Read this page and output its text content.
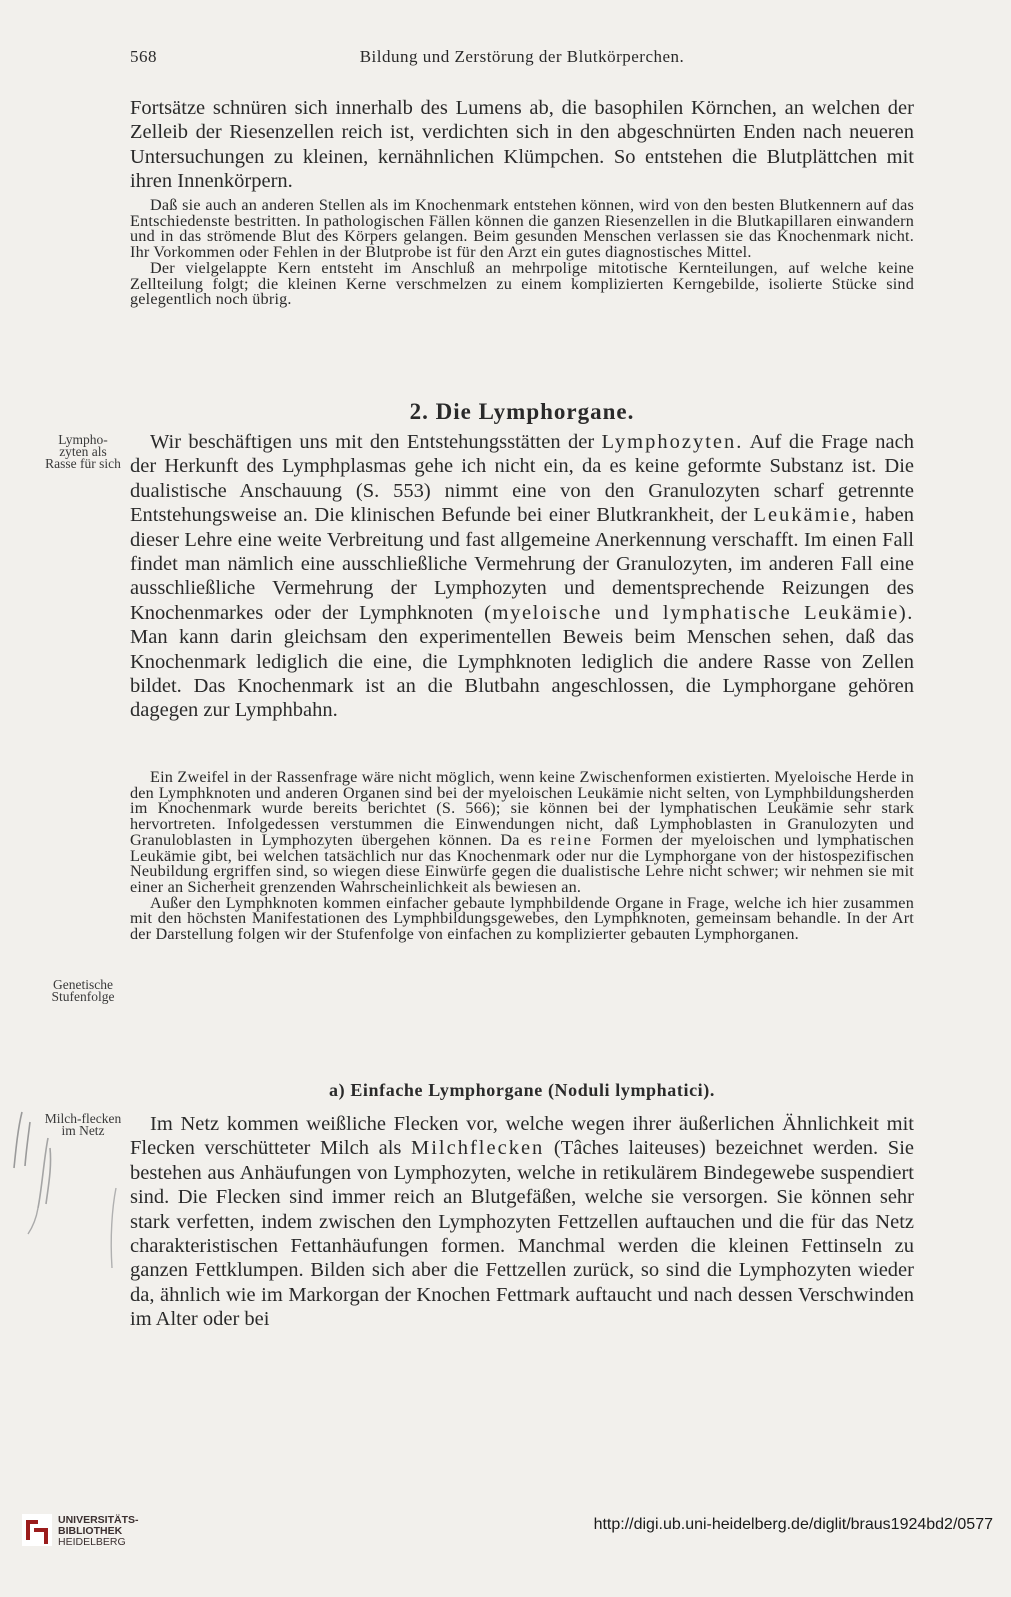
568	Bildung und Zerstörung der Blutkörperchen.

Fortsätze schnüren sich innerhalb des Lumens ab, die basophilen Körnchen, an welchen der Zelleib der Riesenzellen reich ist, verdichten sich in den abgeschnürten Enden nach neueren Untersuchungen zu kleinen, kernähnlichen Klümpchen. So entstehen die Blutplättchen mit ihren Innenkörpern.

Daß sie auch an anderen Stellen als im Knochenmark entstehen können, wird von den besten Blutkennern auf das Entschiedenste bestritten. In pathologischen Fällen können die ganzen Riesenzellen in die Blutkapillaren einwandern und in das strömende Blut des Körpers gelangen. Beim gesunden Menschen verlassen sie das Knochenmark nicht. Ihr Vorkommen oder Fehlen in der Blutprobe ist für den Arzt ein gutes diagnostisches Mittel.

Der vielgelappte Kern entsteht im Anschluß an mehrpolige mitotische Kernteilungen, auf welche keine Zellteilung folgt; die kleinen Kerne verschmelzen zu einem komplizierten Kerngebilde, isolierte Stücke sind gelegentlich noch übrig.

2. Die Lymphorgane.
Lympho-zyten als Rasse für sich

Wir beschäftigen uns mit den Entstehungsstätten der Lymphozyten. Auf die Frage nach der Herkunft des Lymphplasmas gehe ich nicht ein, da es keine geformte Substanz ist. Die dualistische Anschauung (S. 553) nimmt eine von den Granulozyten scharf getrennte Entstehungsweise an. Die klinischen Befunde bei einer Blutkrankheit, der Leukämie, haben dieser Lehre eine weite Verbreitung und fast allgemeine Anerkennung verschafft. Im einen Fall findet man nämlich eine ausschließliche Vermehrung der Granulozyten, im anderen Fall eine ausschließliche Vermehrung der Lymphozyten und dementsprechende Reizungen des Knochenmarkes oder der Lymphknoten (myeloische und lymphatische Leukämie). Man kann darin gleichsam den experimentellen Beweis beim Menschen sehen, daß das Knochenmark lediglich die eine, die Lymphknoten lediglich die andere Rasse von Zellen bildet. Das Knochenmark ist an die Blutbahn angeschlossen, die Lymphorgane gehören dagegen zur Lymphbahn.

Ein Zweifel in der Rassenfrage wäre nicht möglich, wenn keine Zwischenformen existierten. Myeloische Herde in den Lymphknoten und anderen Organen sind bei der myeloischen Leukämie nicht selten, von Lymphbildungsherden im Knochenmark wurde bereits berichtet (S. 566); sie können bei der lymphatischen Leukämie sehr stark hervortreten. Infolgedessen verstummen die Einwendungen nicht, daß Lymphoblasten in Granulozyten und Granuloblasten in Lymphozyten übergehen können. Da es reine Formen der myeloischen und lymphatischen Leukämie gibt, bei welchen tatsächlich nur das Knochenmark oder nur die Lymphorgane von der histospezifischen Neubildung ergriffen sind, so wiegen diese Einwürfe gegen die dualistische Lehre nicht schwer; wir nehmen sie mit einer an Sicherheit grenzenden Wahrscheinlichkeit als bewiesen an.

Außer den Lymphknoten kommen einfacher gebaute lymphbildende Organe in Frage, welche ich hier zusammen mit den höchsten Manifestationen des Lymphbildungsgewebes, den Lymphknoten, gemeinsam behandle. In der Art der Darstellung folgen wir der Stufenfolge von einfachen zu komplizierter gebauten Lymphorganen.

Genetische Stufenfolge
a) Einfache Lymphorgane (Noduli lymphatici).
Milch-flecken im Netz	Im Netz kommen weißliche Flecken vor, welche wegen ihrer äußerlichen Ähnlichkeit mit Flecken verschütteter Milch als Milchflecken (Tâches laiteuses) bezeichnet werden. Sie bestehen aus Anhäufungen von Lymphozyten, welche in retikulärem Bindegewebe suspendiert sind. Die Flecken sind immer reich an Blutgefäßen, welche sie versorgen. Sie können sehr stark verfetten, indem zwischen den Lymphozyten Fettzellen auftauchen und die für das Netz charakteristischen Fettanhäufungen formen. Manchmal werden die kleinen Fettinseln zu ganzen Fettklumpen. Bilden sich aber die Fettzellen zurück, so sind die Lymphozyten wieder da, ähnlich wie im Markorgan der Knochen Fettmark auftaucht und nach dessen Verschwinden im Alter oder bei

UNIVERSITÄTS-
BIBLIOTHEK
HEIDELBERG
http://digi.ub.uni-heidelberg.de/diglit/braus1924bd2/0577
